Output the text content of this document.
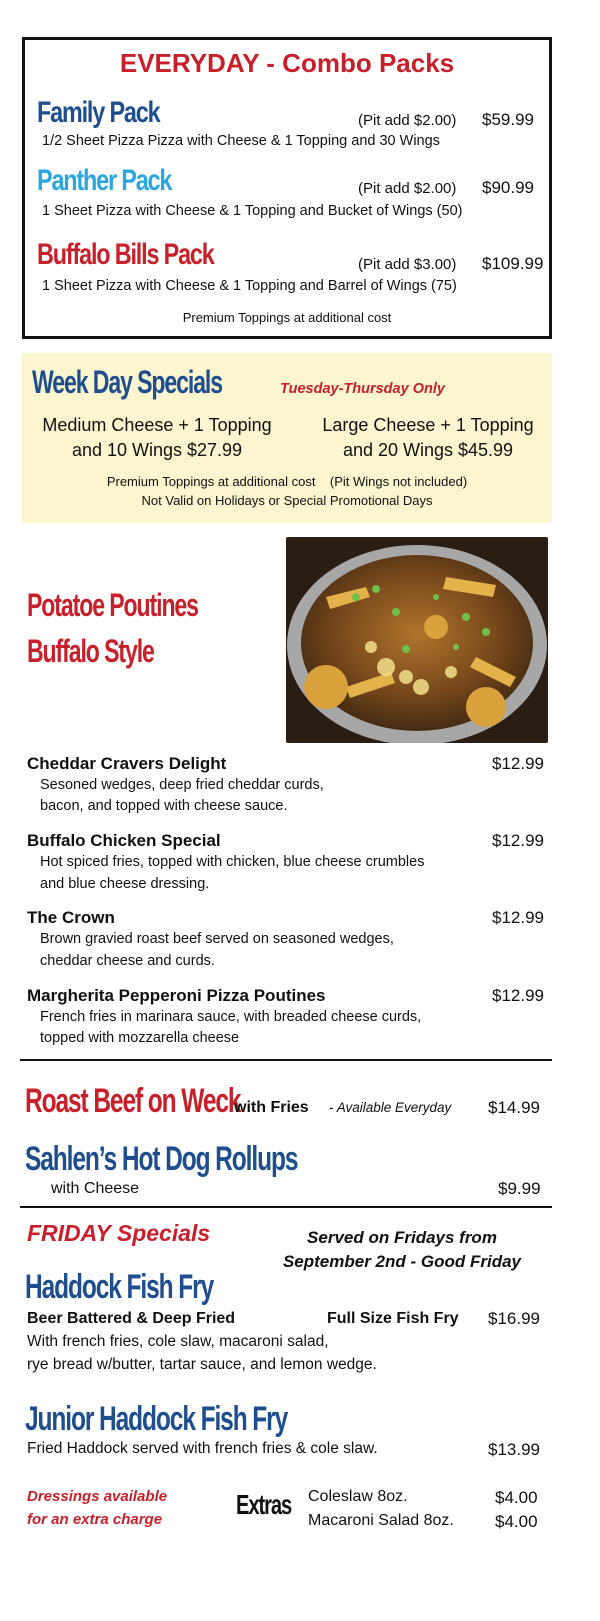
EVERYDAY - Combo Packs
Family Pack	(Pit add $2.00) $59.99
1/2 Sheet Pizza Pizza with Cheese & 1 Topping and 30 Wings
Panther Pack	(Pit add $2.00) $90.99
1 Sheet Pizza with Cheese & 1 Topping and Bucket of Wings (50)
Buffalo Bills Pack	(Pit add $3.00) $109.99
1 Sheet Pizza with Cheese & 1 Topping and Barrel of Wings (75)
Premium Toppings at additional cost
Week Day Specials	Tuesday-Thursday Only
Medium Cheese + 1 Topping
and 10 Wings $27.99
Large Cheese + 1 Topping
and 20 Wings $45.99
Premium Toppings at additional cost    (Pit Wings not included)
Not Valid on Holidays or Special Promotional Days
Potatoe Poutines
Buffalo Style
Cheddar Cravers Delight	$12.99
Sesoned wedges, deep fried cheddar curds,
bacon, and topped with cheese sauce.
Buffalo Chicken Special	$12.99
Hot spiced fries, topped with chicken, blue cheese crumbles
and blue cheese dressing.
The Crown	$12.99
Brown gravied roast beef served on seasoned wedges,
cheddar cheese and curds.
Margherita Pepperoni Pizza Poutines	$12.99
French fries in marinara sauce, with breaded cheese curds,
topped with mozzarella cheese
Roast Beef on Weck
with Fries - Available Everyday $14.99
Sahlen’s Hot Dog Rollups
with Cheese	$9.99
FRIDAY Specials	Served on Fridays from
September 2nd - Good Friday
Haddock Fish Fry
Beer Battered & Deep Fried	Full Size Fish Fry $16.99
With french fries, cole slaw, macaroni salad,
rye bread w/butter, tartar sauce, and lemon wedge.
Junior Haddock Fish Fry
Fried Haddock served with french fries & cole slaw.	$13.99
Dressings available
for an extra charge	Extras Coleslaw 8oz.	$4.00
Macaroni Salad 8oz. $4.00
